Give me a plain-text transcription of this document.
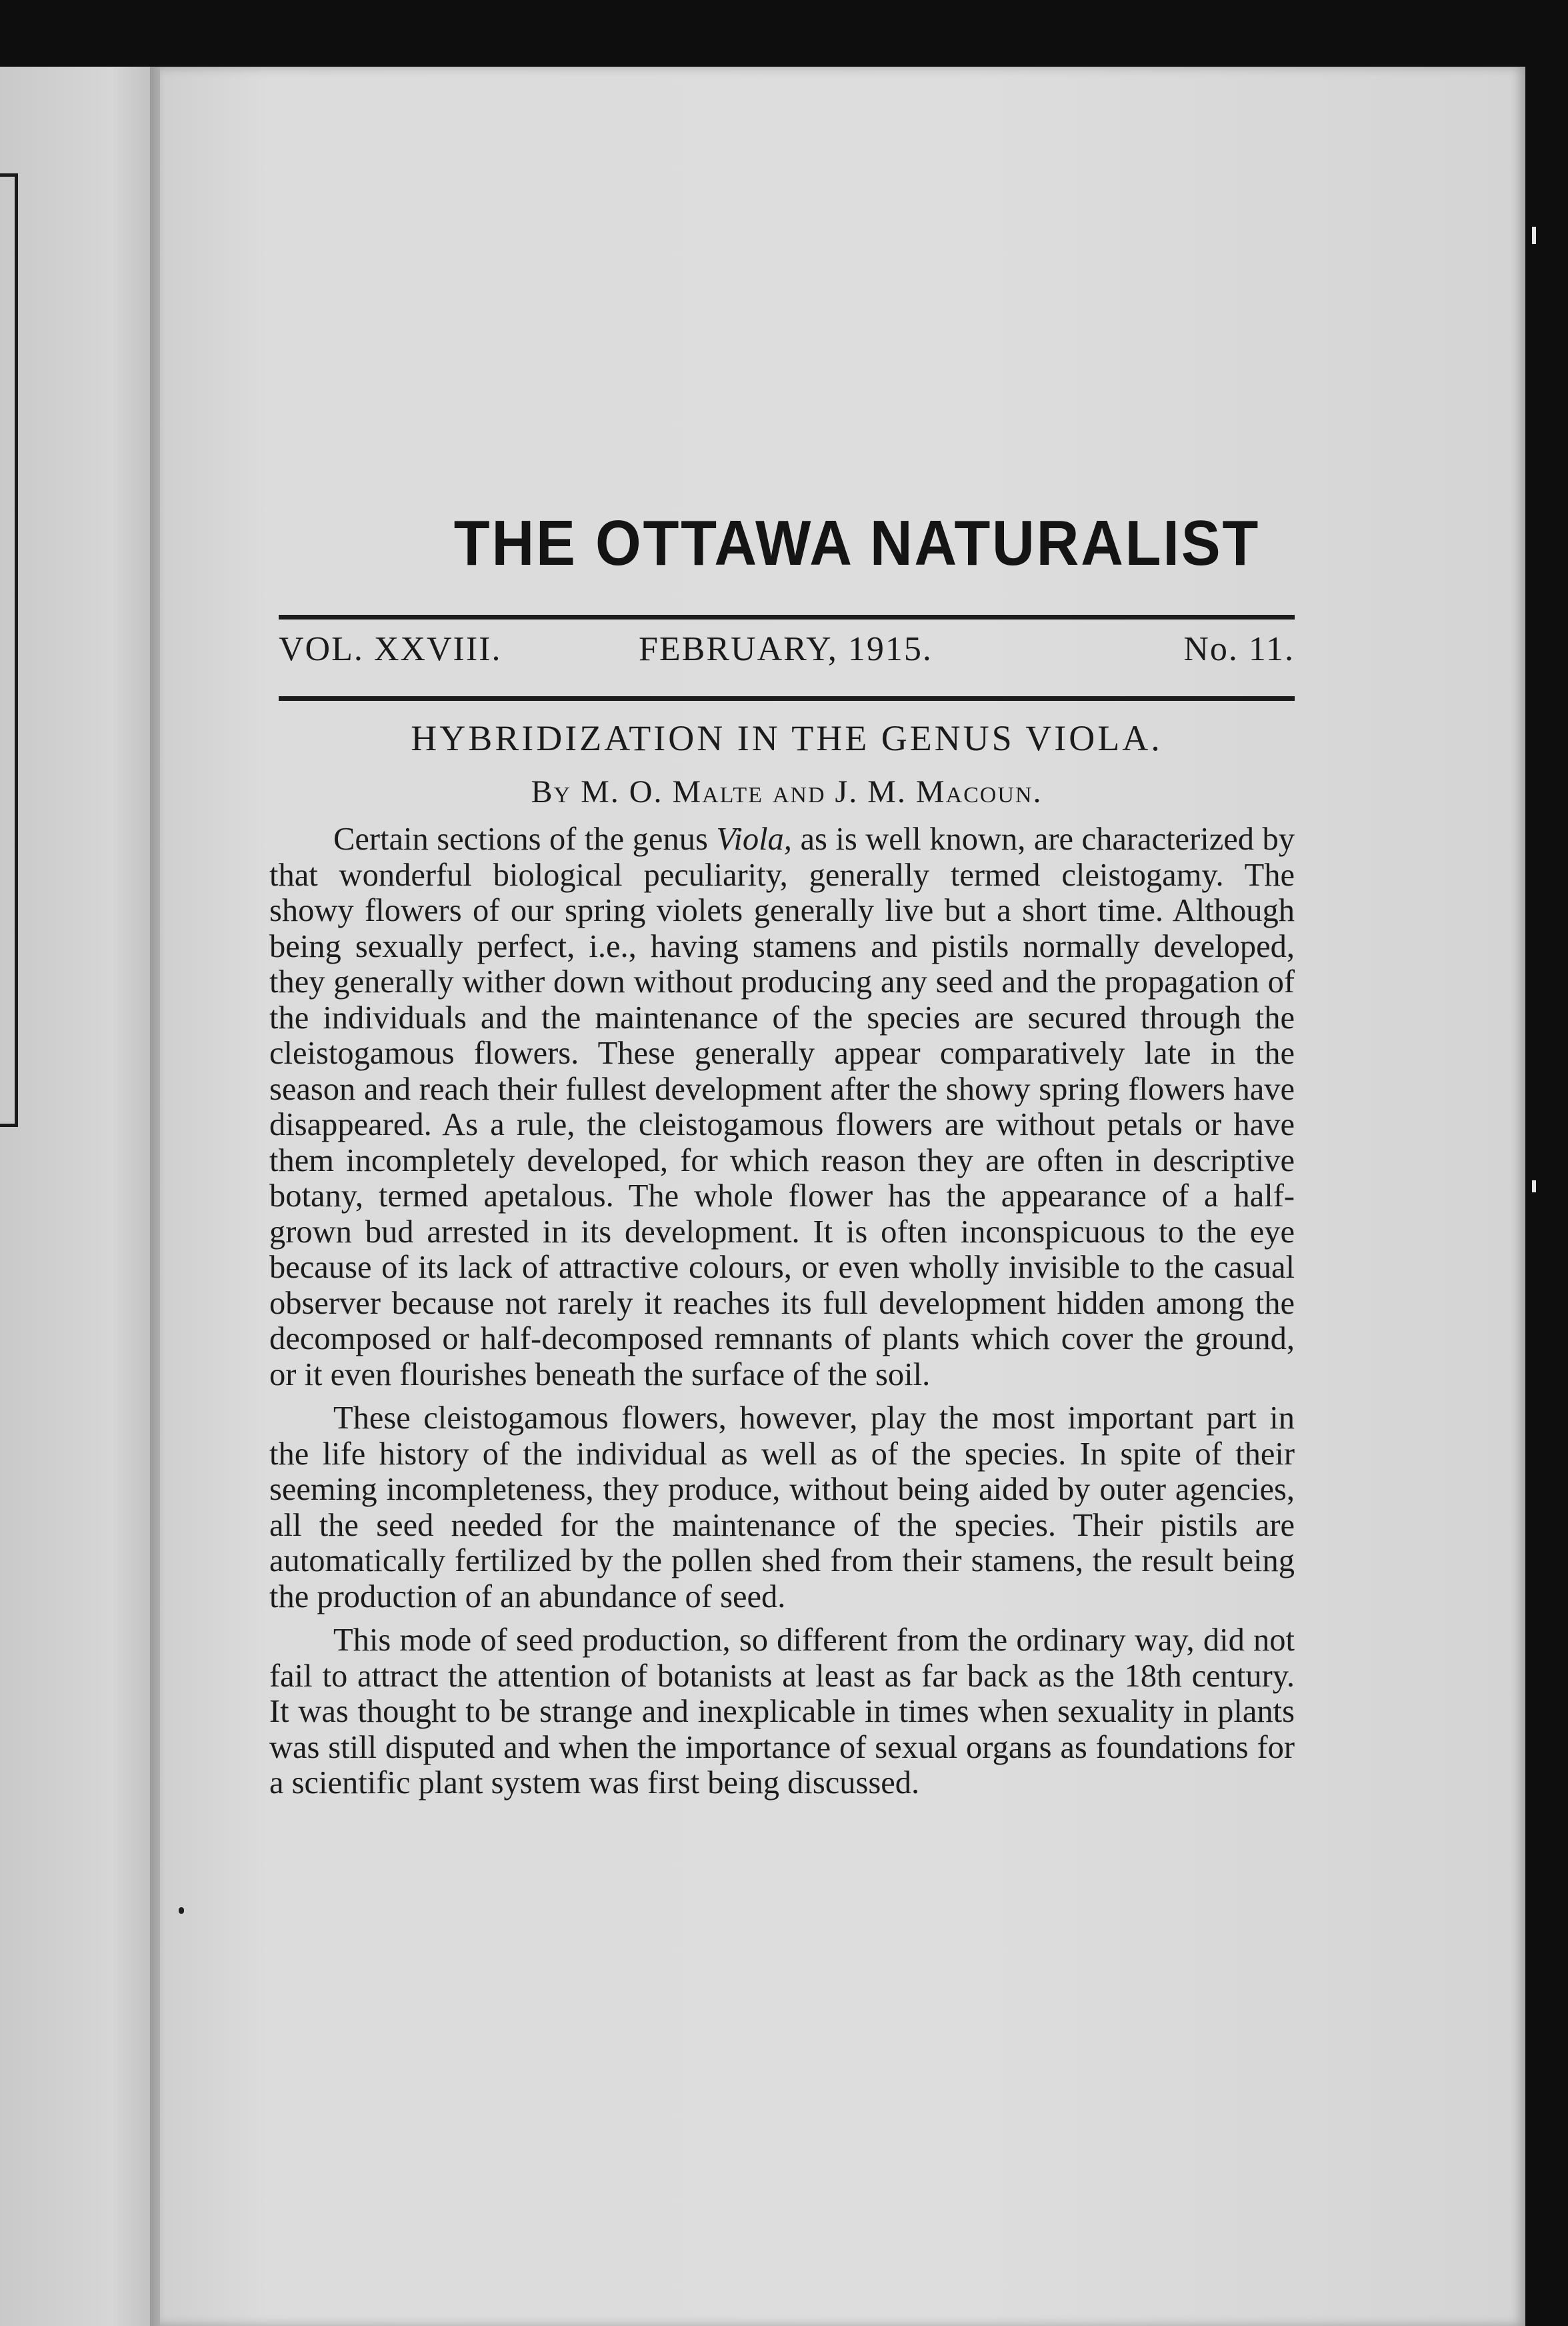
THE OTTAWA NATURALIST
VOL. XXVIII.	FEBRUARY, 1915.	No. 11.
HYBRIDIZATION IN THE GENUS VIOLA.
By M. O. Malte and J. M. Macoun.

Certain sections of the genus Viola, as is well known, are characterized by that wonderful biological peculiarity, generally termed cleistogamy. The showy flowers of our spring violets generally live but a short time. Although being sexually perfect, i.e., having stamens and pistils normally developed, they generally wither down without producing any seed and the propagation of the individuals and the maintenance of the species are secured through the cleistogamous flowers. These generally appear comparatively late in the season and reach their fullest development after the showy spring flowers have disappeared. As a rule, the cleistogamous flowers are without petals or have them incompletely developed, for which reason they are often in descriptive botany, termed apetalous. The whole flower has the appearance of a half-grown bud arrested in its development. It is often inconspicuous to the eye because of its lack of attractive colours, or even wholly invisible to the casual observer because not rarely it reaches its full development hidden among the decomposed or half-decomposed remnants of plants which cover the ground, or it even flourishes beneath the surface of the soil.

These cleistogamous flowers, however, play the most important part in the life history of the individual as well as of the species. In spite of their seeming incompleteness, they produce, without being aided by outer agencies, all the seed needed for the maintenance of the species. Their pistils are automatically fertilized by the pollen shed from their stamens, the result being the production of an abundance of seed.

This mode of seed production, so different from the ordinary way, did not fail to attract the attention of botanists at least as far back as the 18th century. It was thought to be strange and inexplicable in times when sexuality in plants was still disputed and when the importance of sexual organs as foundations for a scientific plant system was first being discussed.
